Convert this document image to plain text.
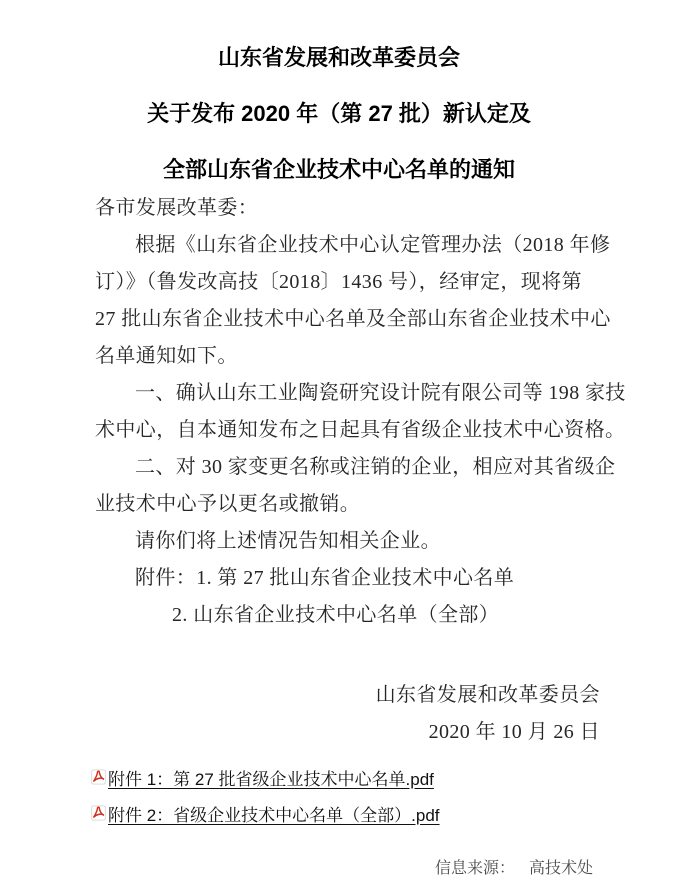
山东省发展和改革委员会
关于发布 2020 年（第 27 批）新认定及
全部山东省企业技术中心名单的通知
各市发展改革委：
根据《山东省企业技术中心认定管理办法（2018 年修
订）》（鲁发改高技〔2018〕1436 号），经审定，现将第
27 批山东省企业技术中心名单及全部山东省企业技术中心
名单通知如下。
一、确认山东工业陶瓷研究设计院有限公司等 198 家技
术中心，自本通知发布之日起具有省级企业技术中心资格。
二、对 30 家变更名称或注销的企业，相应对其省级企
业技术中心予以更名或撤销。
请你们将上述情况告知相关企业。
附件：1. 第 27 批山东省企业技术中心名单
2. 山东省企业技术中心名单（全部）
山东省发展和改革委员会
2020 年 10 月 26 日
附件 1：第 27 批省级企业技术中心名单.pdf
附件 2：省级企业技术中心名单（全部）.pdf

信息来源： 高技术处
